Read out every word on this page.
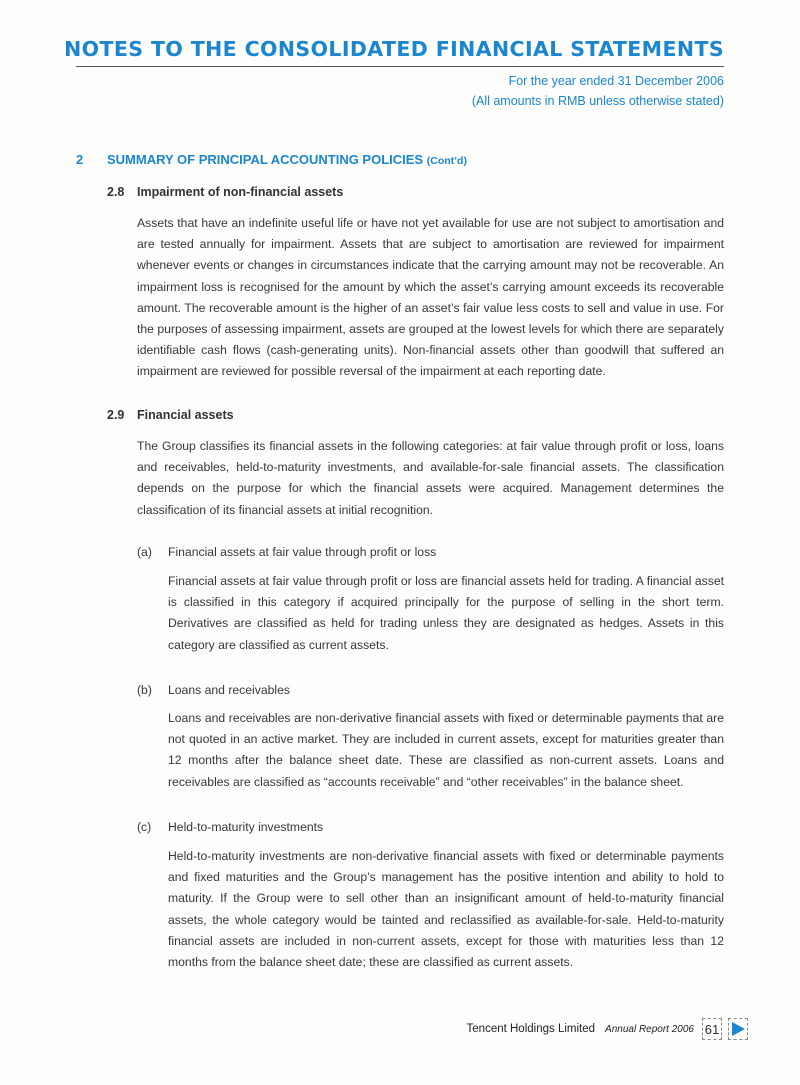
NOTES TO THE CONSOLIDATED FINANCIAL STATEMENTS
For the year ended 31 December 2006
(All amounts in RMB unless otherwise stated)
2 SUMMARY OF PRINCIPAL ACCOUNTING POLICIES (Cont’d)
2.8 Impairment of non-financial assets

Assets that have an indefinite useful life or have not yet available for use are not subject to amortisation and are tested annually for impairment. Assets that are subject to amortisation are reviewed for impairment whenever events or changes in circumstances indicate that the carrying amount may not be recoverable. An impairment loss is recognised for the amount by which the asset’s carrying amount exceeds its recoverable amount. The recoverable amount is the higher of an asset’s fair value less costs to sell and value in use. For the purposes of assessing impairment, assets are grouped at the lowest levels for which there are separately identifiable cash flows (cash-generating units). Non-financial assets other than goodwill that suffered an impairment are reviewed for possible reversal of the impairment at each reporting date.

2.9 Financial assets

The Group classifies its financial assets in the following categories: at fair value through profit or loss, loans and receivables, held-to-maturity investments, and available-for-sale financial assets. The classification depends on the purpose for which the financial assets were acquired. Management determines the classification of its financial assets at initial recognition.

(a) Financial assets at fair value through profit or loss

Financial assets at fair value through profit or loss are financial assets held for trading. A financial asset is classified in this category if acquired principally for the purpose of selling in the short term. Derivatives are classified as held for trading unless they are designated as hedges. Assets in this category are classified as current assets.

(b) Loans and receivables

Loans and receivables are non-derivative financial assets with fixed or determinable payments that are not quoted in an active market. They are included in current assets, except for maturities greater than 12 months after the balance sheet date. These are classified as non-current assets. Loans and receivables are classified as “accounts receivable” and “other receivables” in the balance sheet.

(c) Held-to-maturity investments

Held-to-maturity investments are non-derivative financial assets with fixed or determinable payments and fixed maturities and the Group’s management has the positive intention and ability to hold to maturity. If the Group were to sell other than an insignificant amount of held-to-maturity financial assets, the whole category would be tainted and reclassified as available-for-sale. Held-to-maturity financial assets are included in non-current assets, except for those with maturities less than 12 months from the balance sheet date; these are classified as current assets.

Tencent Holdings Limited Annual Report 2006 61
